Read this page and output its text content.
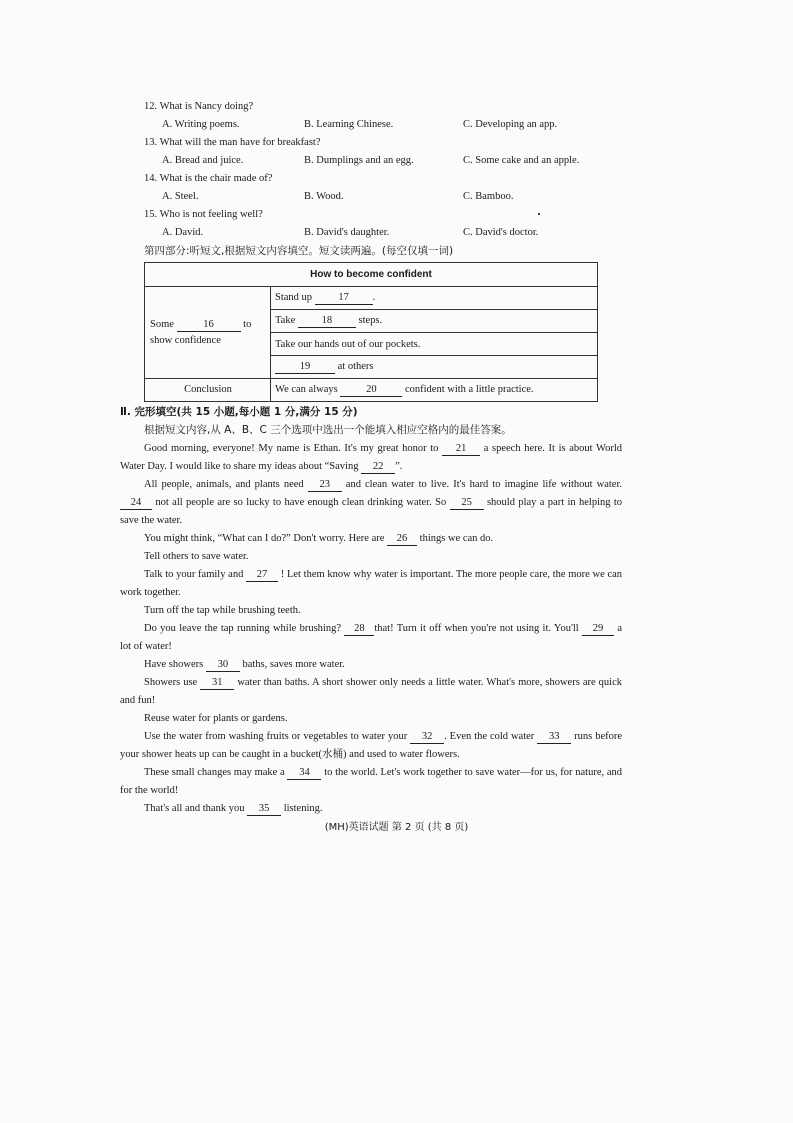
12. What is Nancy doing?
A. Writing poems.	B. Learning Chinese.	C. Developing an app.
13. What will the man have for breakfast?
A. Bread and juice.	B. Dumplings and an egg.	C. Some cake and an apple.
14. What is the chair made of?
A. Steel.	B. Wood.	C. Bamboo.
15. Who is not feeling well?
A. David.	B. David's daughter.	C. David's doctor.
第四部分:听短文,根据短文内容填空。短文读两遍。(每空仅填一词)
How to become confident	
Some 16 to
show confidence	Stand up 17 .
	Take 18 steps.
	Take our hands out of our pockets.
	19 at others
Conclusion	We can always 20 confident with a little practice.
Ⅱ. 完形填空(共 15 小题,每小题 1 分,满分 15 分)
根据短文内容,从 A、B、C 三个选项中选出一个能填入相应空格内的最佳答案。
Good morning, everyone! My name is Ethan. It's my great honor to 21 a speech here. It is about World Water Day. I would like to share my ideas about “Saving 22 ”.
All people, animals, and plants need 23 and clean water to live. It's hard to imagine life without water. 24 not all people are so lucky to have enough clean drinking water. So 25 should play a part in helping to save the water.
You might think, “What can I do?” Don't worry. Here are 26 things we can do.
Tell others to save water.
Talk to your family and 27 ! Let them know why water is important. The more people care, the more we can work together.
Turn off the tap while brushing teeth.
Do you leave the tap running while brushing? 28 that! Turn it off when you're not using it. You'll 29 a lot of water!
Have showers 30 baths, saves more water.
Showers use 31 water than baths. A short shower only needs a little water. What's more, showers are quick and fun!
Reuse water for plants or gardens.
Use the water from washing fruits or vegetables to water your 32 . Even the cold water 33 runs before your shower heats up can be caught in a bucket(水桶) and used to water flowers.
These small changes may make a 34 to the world. Let's work together to save water—for us, for nature, and for the world!
That's all and thank you 35 listening.
(MH)英语试题 第 2 页 (共 8 页)
